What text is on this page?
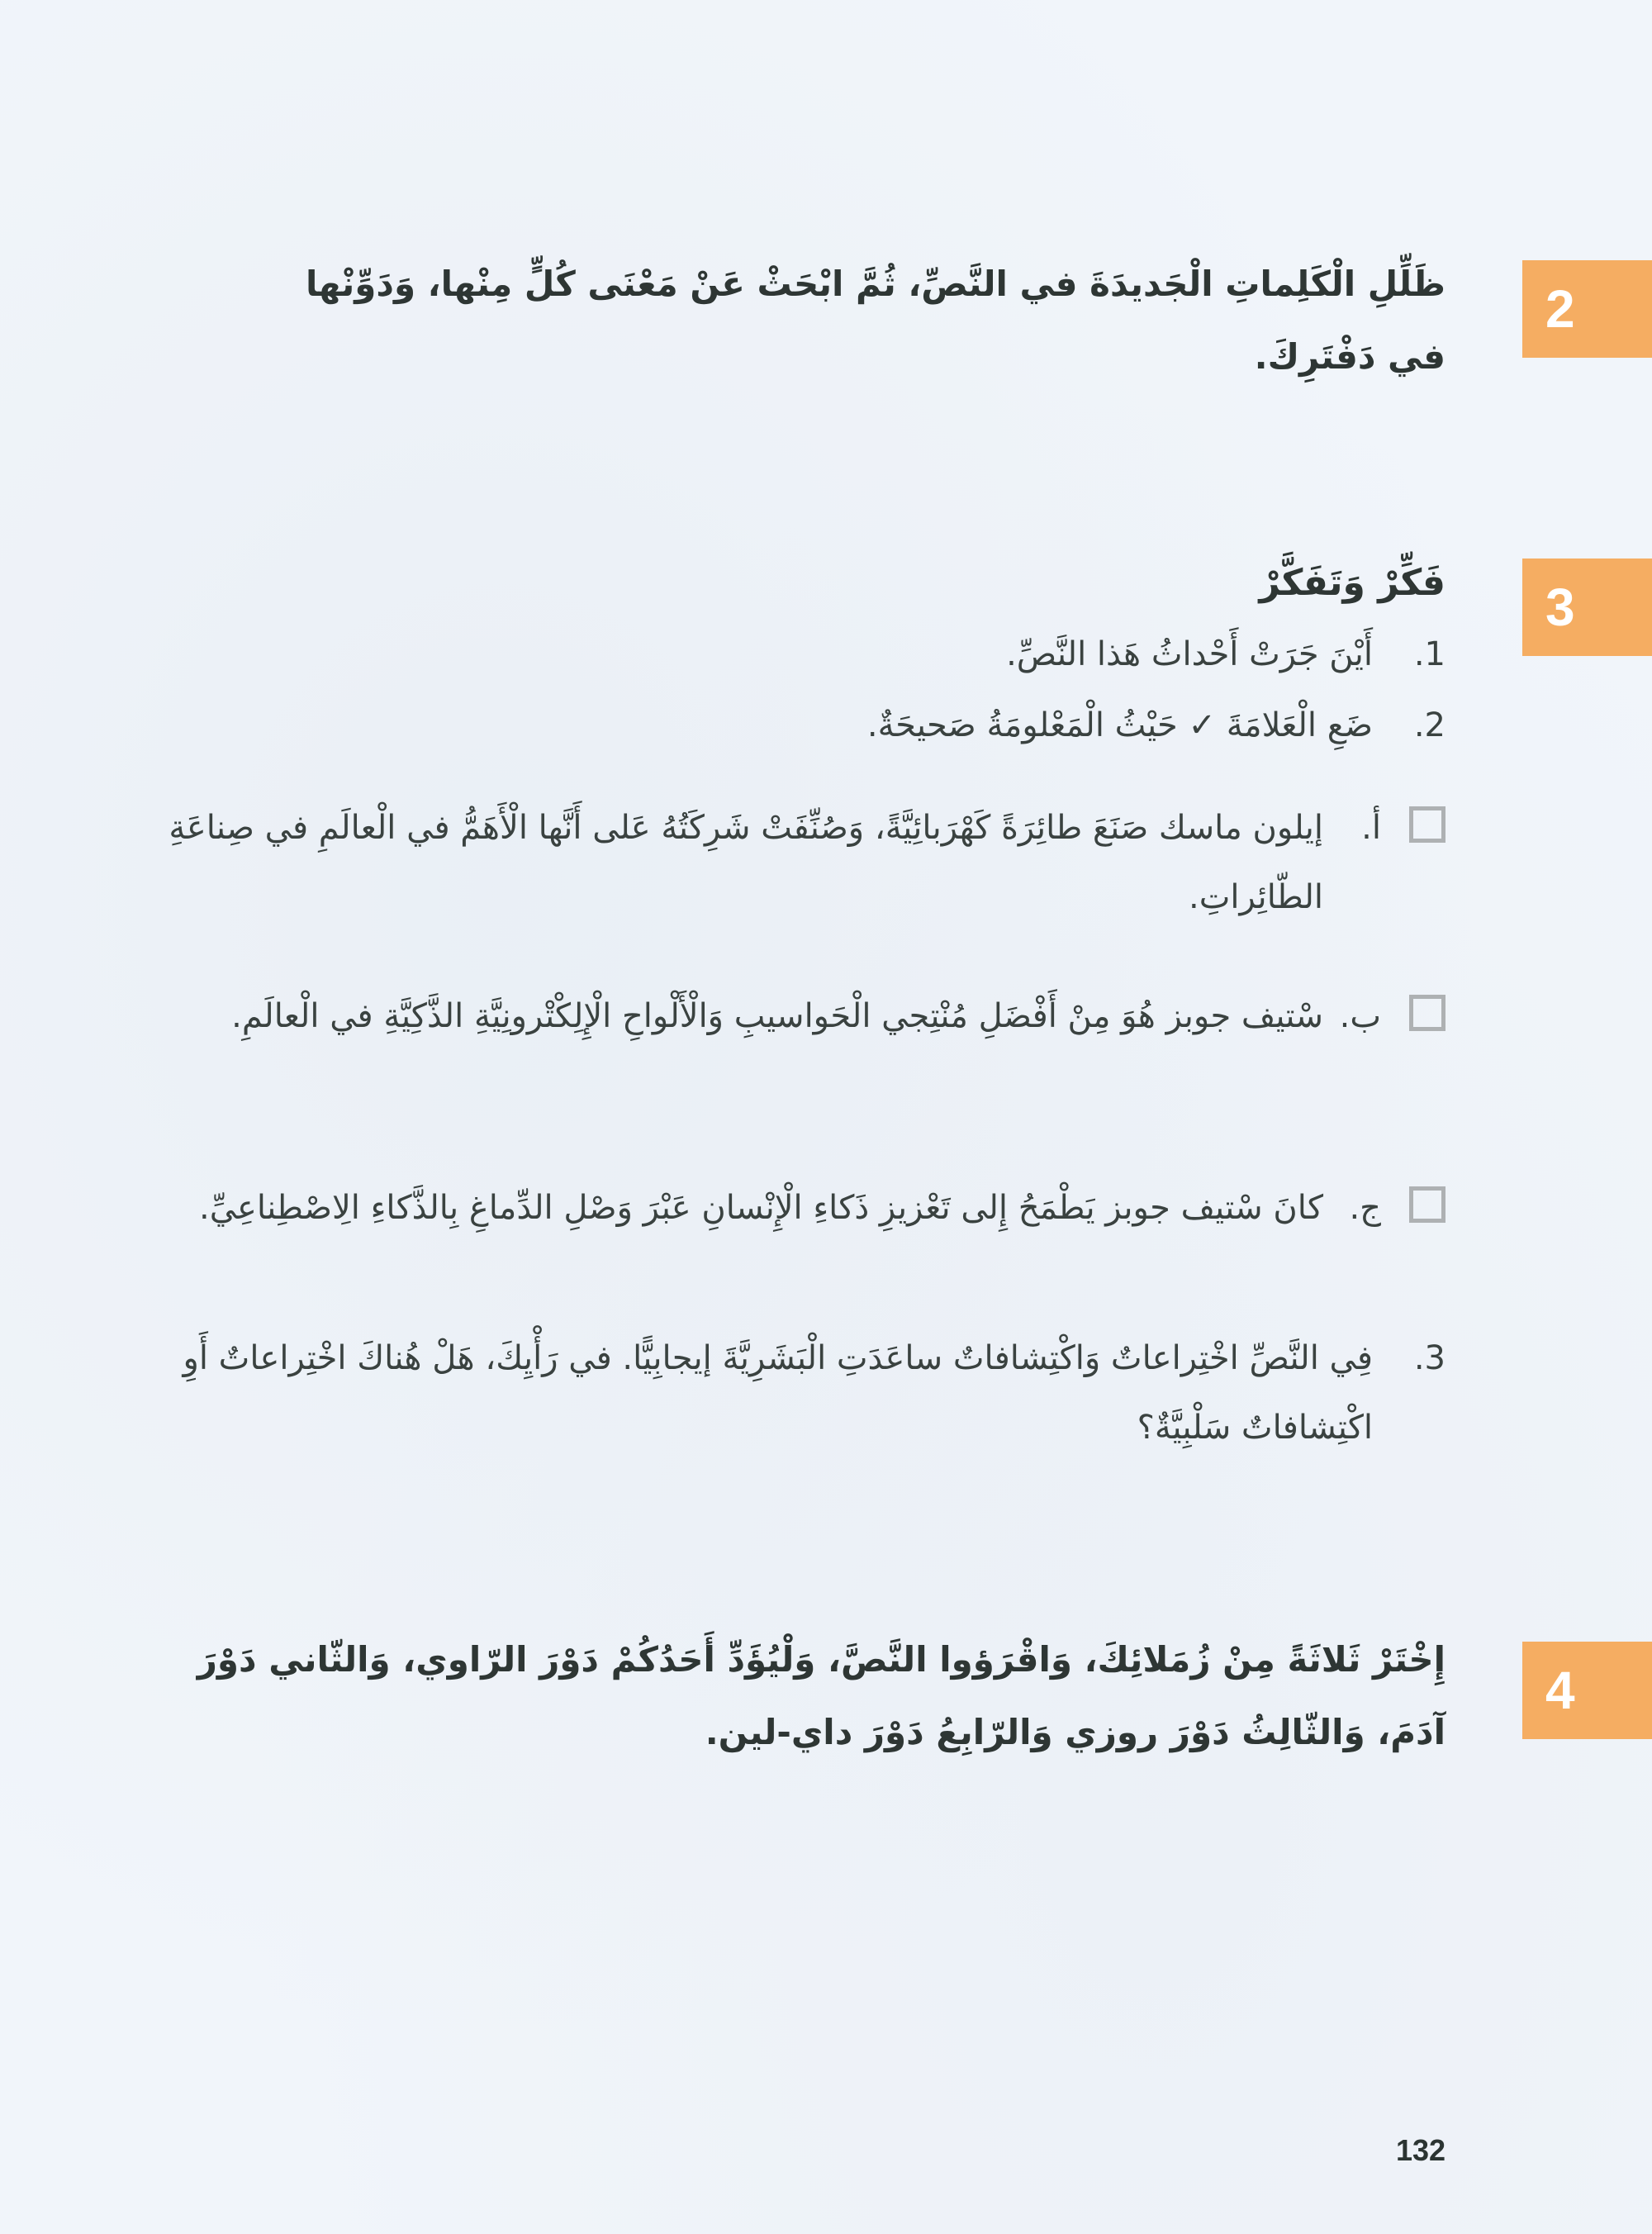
2
ظَلِّلِ الْكَلِماتِ الْجَديدَةَ في النَّصِّ، ثُمَّ ابْحَثْ عَنْ مَعْنَى كُلٍّ مِنْها، وَدَوِّنْها في دَفْتَرِكَ.
3
فَكِّرْ وَتَفَكَّرْ
1.
أَيْنَ جَرَتْ أَحْداثُ هَذا النَّصِّ.
2.
ضَعِ الْعَلامَةَ ✓ حَيْثُ الْمَعْلومَةُ صَحيحَةٌ.
أ.
إيلون ماسك صَنَعَ طائِرَةً كَهْرَبائِيَّةً، وَصُنِّفَتْ شَرِكَتُهُ عَلى أَنَّها الْأَهَمُّ في الْعالَمِ في صِناعَةِ الطّائِراتِ.
ب.
سْتيف جوبز هُوَ مِنْ أَفْضَلِ مُنْتِجي الْحَواسيبِ وَالْأَلْواحِ الْإِلِكْتْرونِيَّةِ الذَّكِيَّةِ في الْعالَمِ.
ج.
كانَ سْتيف جوبز يَطْمَحُ إِلى تَعْزيزِ ذَكاءِ الْإِنْسانِ عَبْرَ وَصْلِ الدِّماغِ بِالذَّكاءِ الِاصْطِناعِيِّ.
3.
فِي النَّصِّ اخْتِراعاتٌ وَاكْتِشافاتٌ ساعَدَتِ الْبَشَرِيَّةَ إيجابِيًّا. في رَأْيِكَ، هَلْ هُناكَ اخْتِراعاتٌ أَوِ اكْتِشافاتٌ سَلْبِيَّةٌ؟
4
إِخْتَرْ ثَلاثَةً مِنْ زُمَلائِكَ، وَاقْرَؤوا النَّصَّ، وَلْيُؤَدِّ أَحَدُكُمْ دَوْرَ الرّاوي، وَالثّاني دَوْرَ آدَمَ، وَالثّالِثُ دَوْرَ روزي وَالرّابِعُ دَوْرَ داي-لين.
132
